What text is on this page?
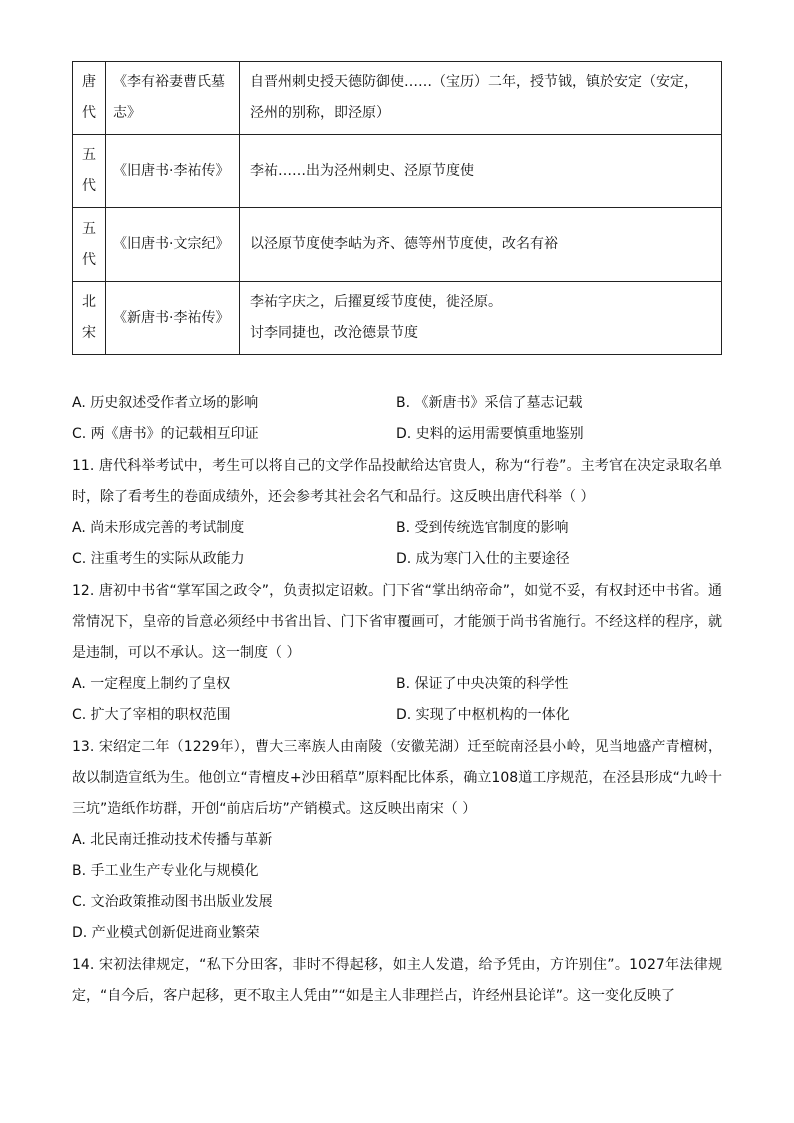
唐代	《李有裕妻曹氏墓志》	自晋州刺史授天德防御使……（宝历）二年，授节钺，镇於安定（安定，泾州的别称，即泾原）

五代	《旧唐书·李祐传》	李祐……出为泾州刺史、泾原节度使

五代	《旧唐书·文宗纪》	以泾原节度使李岵为齐、德等州节度使，改名有裕

北宋	《新唐书·李祐传》	李祐字庆之，后擢夏绥节度使，徙泾原。
讨李同捷也，改沧德景节度
A. 历史叙述受作者立场的影响	B. 《新唐书》采信了墓志记载
C. 两《唐书》的记载相互印证	D. 史料的运用需要慎重地鉴别
11. 唐代科举考试中，考生可以将自己的文学作品投献给达官贵人，称为“行卷”。主考官在决定录取名单时，除了看考生的卷面成绩外，还会参考其社会名气和品行。这反映出唐代科举（ ）
A. 尚未形成完善的考试制度	B. 受到传统选官制度的影响
C. 注重考生的实际从政能力	D. 成为寒门入仕的主要途径
12. 唐初中书省“掌军国之政令”，负责拟定诏敕。门下省“掌出纳帝命”，如觉不妥，有权封还中书省。通常情况下，皇帝的旨意必须经中书省出旨、门下省审覆画可，才能颁于尚书省施行。不经这样的程序，就是违制，可以不承认。这一制度（ ）
A. 一定程度上制约了皇权	B. 保证了中央决策的科学性
C. 扩大了宰相的职权范围	D. 实现了中枢机构的一体化
13. 宋绍定二年（1229年），曹大三率族人由南陵（安徽芜湖）迁至皖南泾县小岭，见当地盛产青檀树，故以制造宣纸为生。他创立“青檀皮+沙田稻草”原料配比体系，确立108道工序规范，在泾县形成“九岭十三坑”造纸作坊群，开创“前店后坊”产销模式。这反映出南宋（ ）
A. 北民南迁推动技术传播与革新
B. 手工业生产专业化与规模化
C. 文治政策推动图书出版业发展
D. 产业模式创新促进商业繁荣
14. 宋初法律规定，“私下分田客，非时不得起移，如主人发遣，给予凭由，方许别住”。1027年法律规定，“自今后，客户起移，更不取主人凭由”“如是主人非理拦占，许经州县论详”。这一变化反映了
